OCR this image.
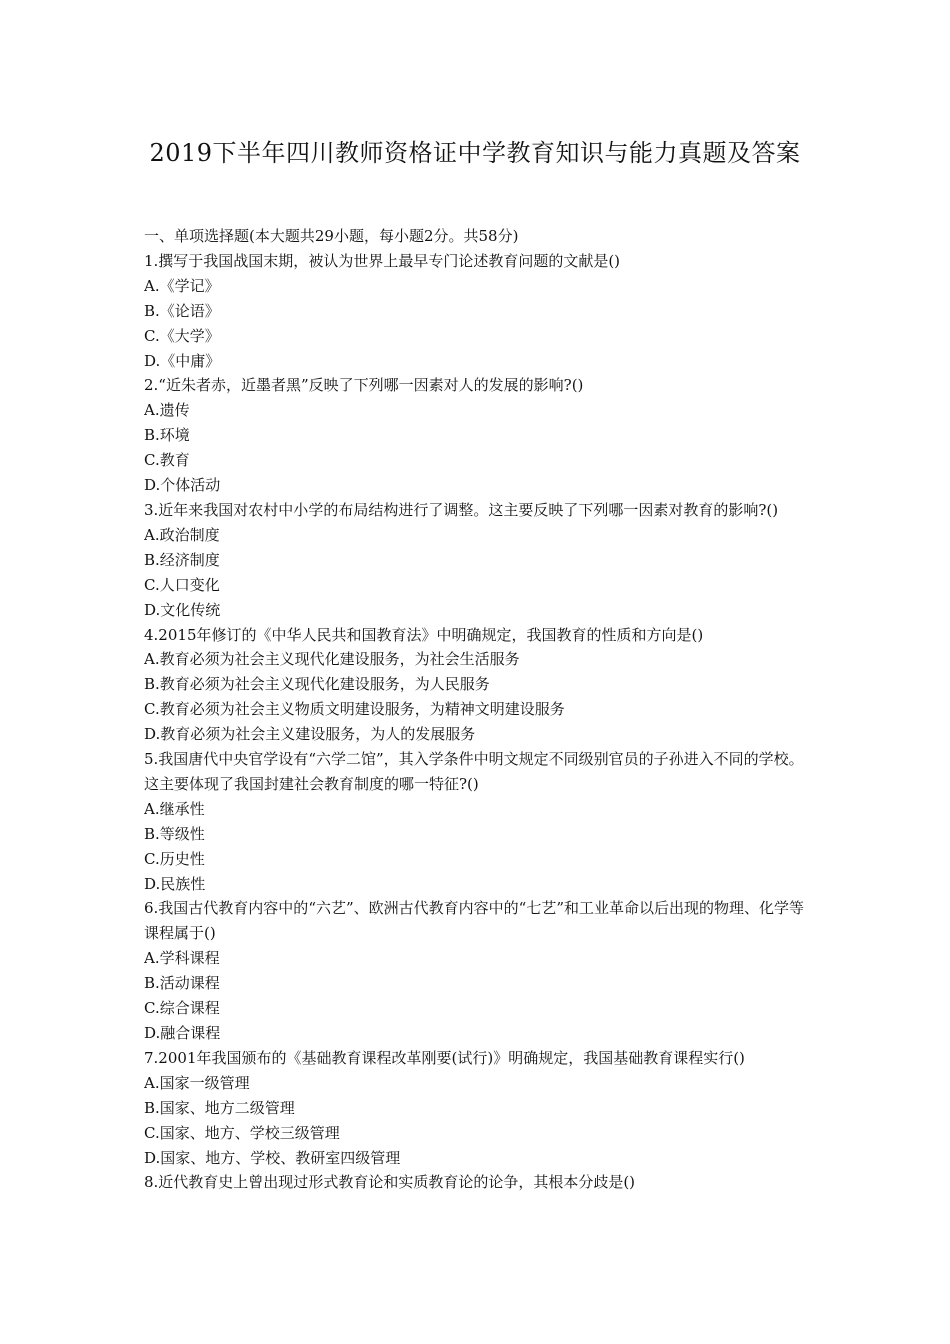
2019下半年四川教师资格证中学教育知识与能力真题及答案
一、单项选择题(本大题共29小题，每小题2分。共58分)
1.撰写于我国战国末期，被认为世界上最早专门论述教育问题的文献是()
A.《学记》
B.《论语》
C.《大学》
D.《中庸》
2.“近朱者赤，近墨者黑”反映了下列哪一因素对人的发展的影响?()
A.遗传
B.环境
C.教育
D.个体活动
3.近年来我国对农村中小学的布局结构进行了调整。这主要反映了下列哪一因素对教育的影响?()
A.政治制度
B.经济制度
C.人口变化
D.文化传统
4.2015年修订的《中华人民共和国教育法》中明确规定，我国教育的性质和方向是()
A.教育必须为社会主义现代化建设服务，为社会生活服务
B.教育必须为社会主义现代化建设服务，为人民服务
C.教育必须为社会主义物质文明建设服务，为精神文明建设服务
D.教育必须为社会主义建设服务，为人的发展服务
5.我国唐代中央官学设有“六学二馆”，其入学条件中明文规定不同级别官员的子孙进入不同的学校。这主要体现了我国封建社会教育制度的哪一特征?()
A.继承性
B.等级性
C.历史性
D.民族性
6.我国古代教育内容中的“六艺”、欧洲古代教育内容中的“七艺”和工业革命以后出现的物理、化学等课程属于()
A.学科课程
B.活动课程
C.综合课程
D.融合课程
7.2001年我国颁布的《基础教育课程改革刚要(试行)》明确规定，我国基础教育课程实行()
A.国家一级管理
B.国家、地方二级管理
C.国家、地方、学校三级管理
D.国家、地方、学校、教研室四级管理
8.近代教育史上曾出现过形式教育论和实质教育论的论争，其根本分歧是()
